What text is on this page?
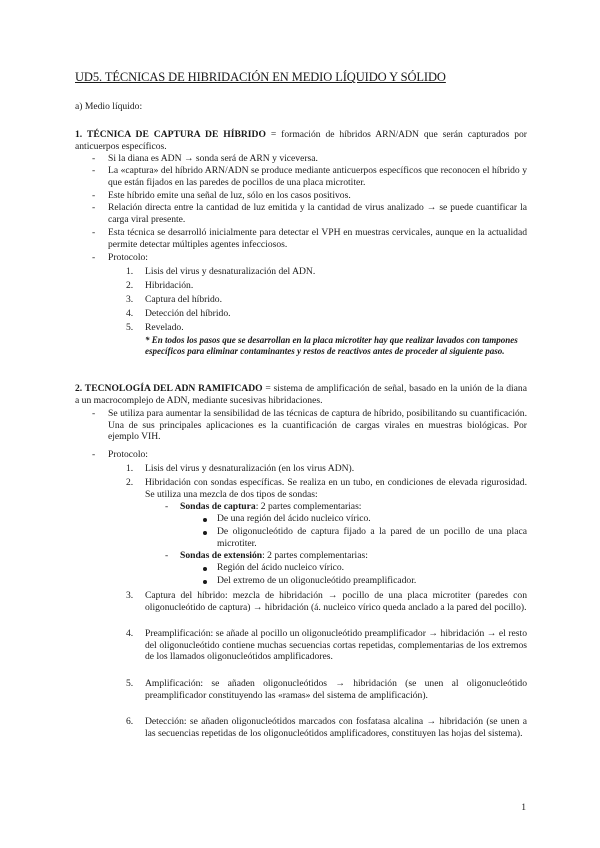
UD5. TÉCNICAS DE HIBRIDACIÓN EN MEDIO LÍQUIDO Y SÓLIDO
a) Medio líquido:
1. TÉCNICA DE CAPTURA DE HÍBRIDO = formación de híbridos ARN/ADN que serán capturados por anticuerpos específicos.
- Si la diana es ADN → sonda será de ARN y viceversa.
- La «captura» del híbrido ARN/ADN se produce mediante anticuerpos específicos que reconocen el híbrido y que están fijados en las paredes de pocillos de una placa microtiter.
- Este híbrido emite una señal de luz, sólo en los casos positivos.
- Relación directa entre la cantidad de luz emitida y la cantidad de virus analizado → se puede cuantificar la carga viral presente.
- Esta técnica se desarrolló inicialmente para detectar el VPH en muestras cervicales, aunque en la actualidad permite detectar múltiples agentes infecciosos.
- Protocolo:
1. Lisis del virus y desnaturalización del ADN.
2. Hibridación.
3. Captura del híbrido.
4. Detección del híbrido.
5. Revelado.
* En todos los pasos que se desarrollan en la placa microtiter hay que realizar lavados con tampones específicos para eliminar contaminantes y restos de reactivos antes de proceder al siguiente paso.
2. TECNOLOGÍA DEL ADN RAMIFICADO = sistema de amplificación de señal, basado en la unión de la diana a un macrocomplejo de ADN, mediante sucesivas hibridaciones.
- Se utiliza para aumentar la sensibilidad de las técnicas de captura de híbrido, posibilitando su cuantificación. Una de sus principales aplicaciones es la cuantificación de cargas virales en muestras biológicas. Por ejemplo VIH.
- Protocolo:
1. Lisis del virus y desnaturalización (en los virus ADN).
2. Hibridación con sondas específicas. Se realiza en un tubo, en condiciones de elevada rigurosidad. Se utiliza una mezcla de dos tipos de sondas:
- Sondas de captura: 2 partes complementarias:
De una región del ácido nucleico vírico.
De oligonucleótido de captura fijado a la pared de un pocillo de una placa microtiter.
- Sondas de extensión: 2 partes complementarias:
Región del ácido nucleico vírico.
Del extremo de un oligonucleótido preamplificador.
3. Captura del híbrido: mezcla de hibridación → pocillo de una placa microtiter (paredes con oligonucleótido de captura) → hibridación (á. nucleico vírico queda anclado a la pared del pocillo).
4. Preamplificación: se añade al pocillo un oligonucleótido preamplificador → hibridación → el resto del oligonucleótido contiene muchas secuencias cortas repetidas, complementarias de los extremos de los llamados oligonucleótidos amplificadores.
5. Amplificación: se añaden oligonucleótidos → hibridación (se unen al oligonucleótido preamplificador constituyendo las «ramas» del sistema de amplificación).
6. Detección: se añaden oligonucleótidos marcados con fosfatasa alcalina → hibridación (se unen a las secuencias repetidas de los oligonucleótidos amplificadores, constituyen las hojas del sistema).
1
